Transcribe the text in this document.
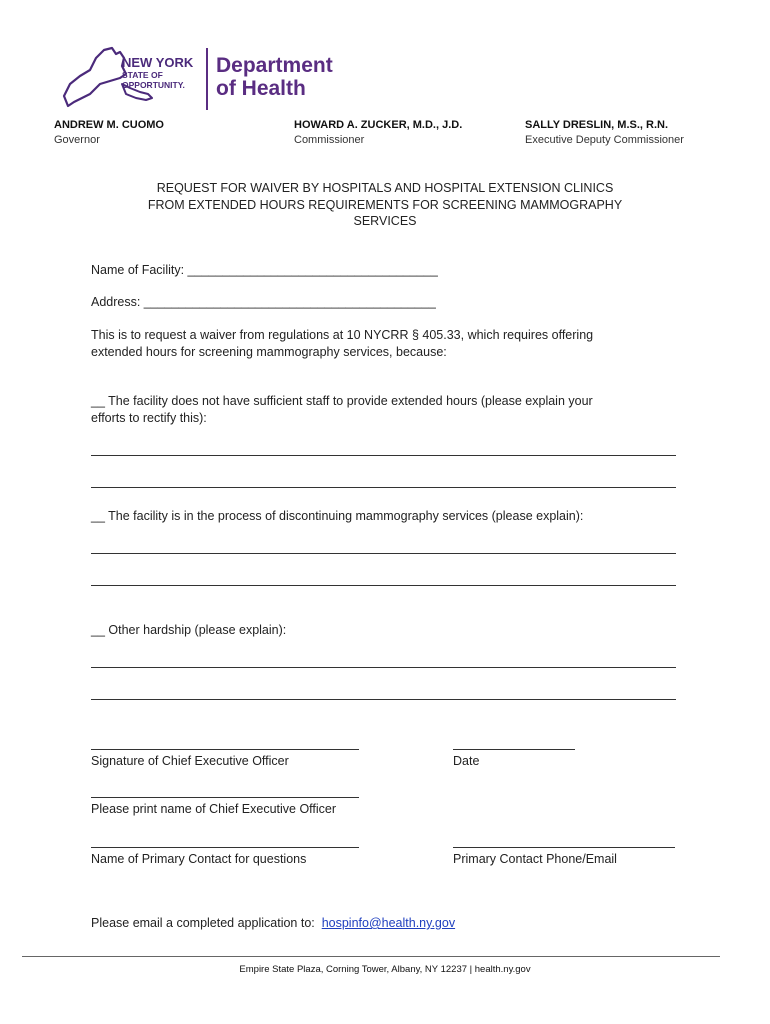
NEW YORK
STATE OF
OPPORTUNITY.
Department
of Health
ANDREW M. CUOMO
Governor
HOWARD A. ZUCKER, M.D., J.D.
Commissioner
SALLY DRESLIN, M.S., R.N.
Executive Deputy Commissioner
REQUEST FOR WAIVER BY HOSPITALS AND HOSPITAL EXTENSION CLINICS
FROM EXTENDED HOURS REQUIREMENTS FOR SCREENING MAMMOGRAPHY
SERVICES
Name of Facility: ____________________________________
Address: __________________________________________
This is to request a waiver from regulations at 10 NYCRR § 405.33, which requires offering
extended hours for screening mammography services, because:
__ The facility does not have sufficient staff to provide extended hours (please explain your
efforts to rectify this):
__ The facility is in the process of discontinuing mammography services (please explain):
__ Other hardship (please explain):
Signature of Chief Executive Officer	Date
Please print name of Chief Executive Officer
Name of Primary Contact for questions	Primary Contact Phone/Email
Please email a completed application to: hospinfo@health.ny.gov
Empire State Plaza, Corning Tower, Albany, NY 12237 | health.ny.gov
